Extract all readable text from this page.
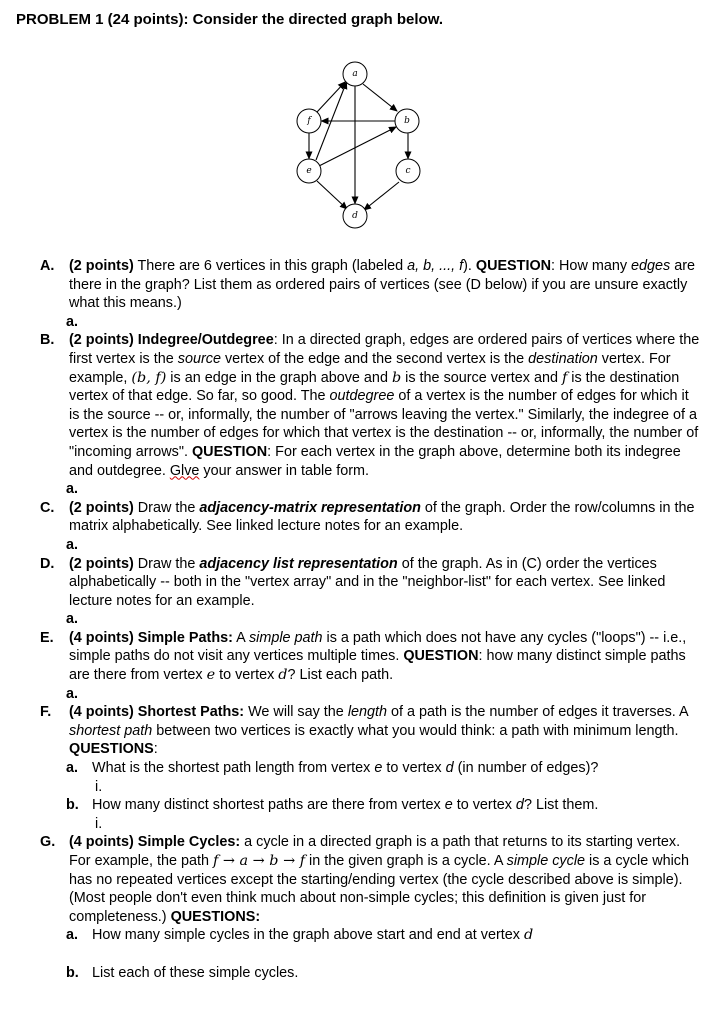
PROBLEM 1 (24 points): Consider the directed graph below.
a
b
c
d
e
f
A.	(2 points) There are 6 vertices in this graph (labeled a, b, ..., f). QUESTION: How many edges are there in the graph? List them as ordered pairs of vertices (see (D below) if you are unsure exactly what this means.)
a.
B.	(2 points) Indegree/Outdegree: In a directed graph, edges are ordered pairs of vertices where the first vertex is the source vertex of the edge and the second vertex is the destination vertex. For example, (b, f) is an edge in the graph above and b is the source vertex and f is the destination vertex of that edge. So far, so good. The outdegree of a vertex is the number of edges for which it is the source -- or, informally, the number of "arrows leaving the vertex." Similarly, the indegree of a vertex is the number of edges for which that vertex is the destination -- or, informally, the number of "incoming arrows". QUESTION: For each vertex in the graph above, determine both its indegree and outdegree. Glve your answer in table form.
a.
C.	(2 points) Draw the adjacency-matrix representation of the graph. Order the row/columns in the matrix alphabetically. See linked lecture notes for an example.
a.
D.	(2 points) Draw the adjacency list representation of the graph. As in (C) order the vertices alphabetically -- both in the "vertex array" and in the "neighbor-list" for each vertex. See linked lecture notes for an example.
a.
E.	(4 points) Simple Paths: A simple path is a path which does not have any cycles ("loops") -- i.e., simple paths do not visit any vertices multiple times. QUESTION: how many distinct simple paths are there from vertex e to vertex d? List each path.
a.
F.	(4 points) Shortest Paths: We will say the length of a path is the number of edges it traverses. A shortest path between two vertices is exactly what you would think: a path with minimum length. QUESTIONS:
a. What is the shortest path length from vertex e to vertex d (in number of edges)?
i.
b. How many distinct shortest paths are there from vertex e to vertex d? List them.
i.
G. (4 points) Simple Cycles: a cycle in a directed graph is a path that returns to its starting vertex. For example, the path f → a → b → f in the given graph is a cycle. A simple cycle is a cycle which has no repeated vertices except the starting/ending vertex (the cycle described above is simple). (Most people don't even think much about non-simple cycles; this definition is given just for completeness.) QUESTIONS:
a. How many simple cycles in the graph above start and end at vertex d
b. List each of these simple cycles.
